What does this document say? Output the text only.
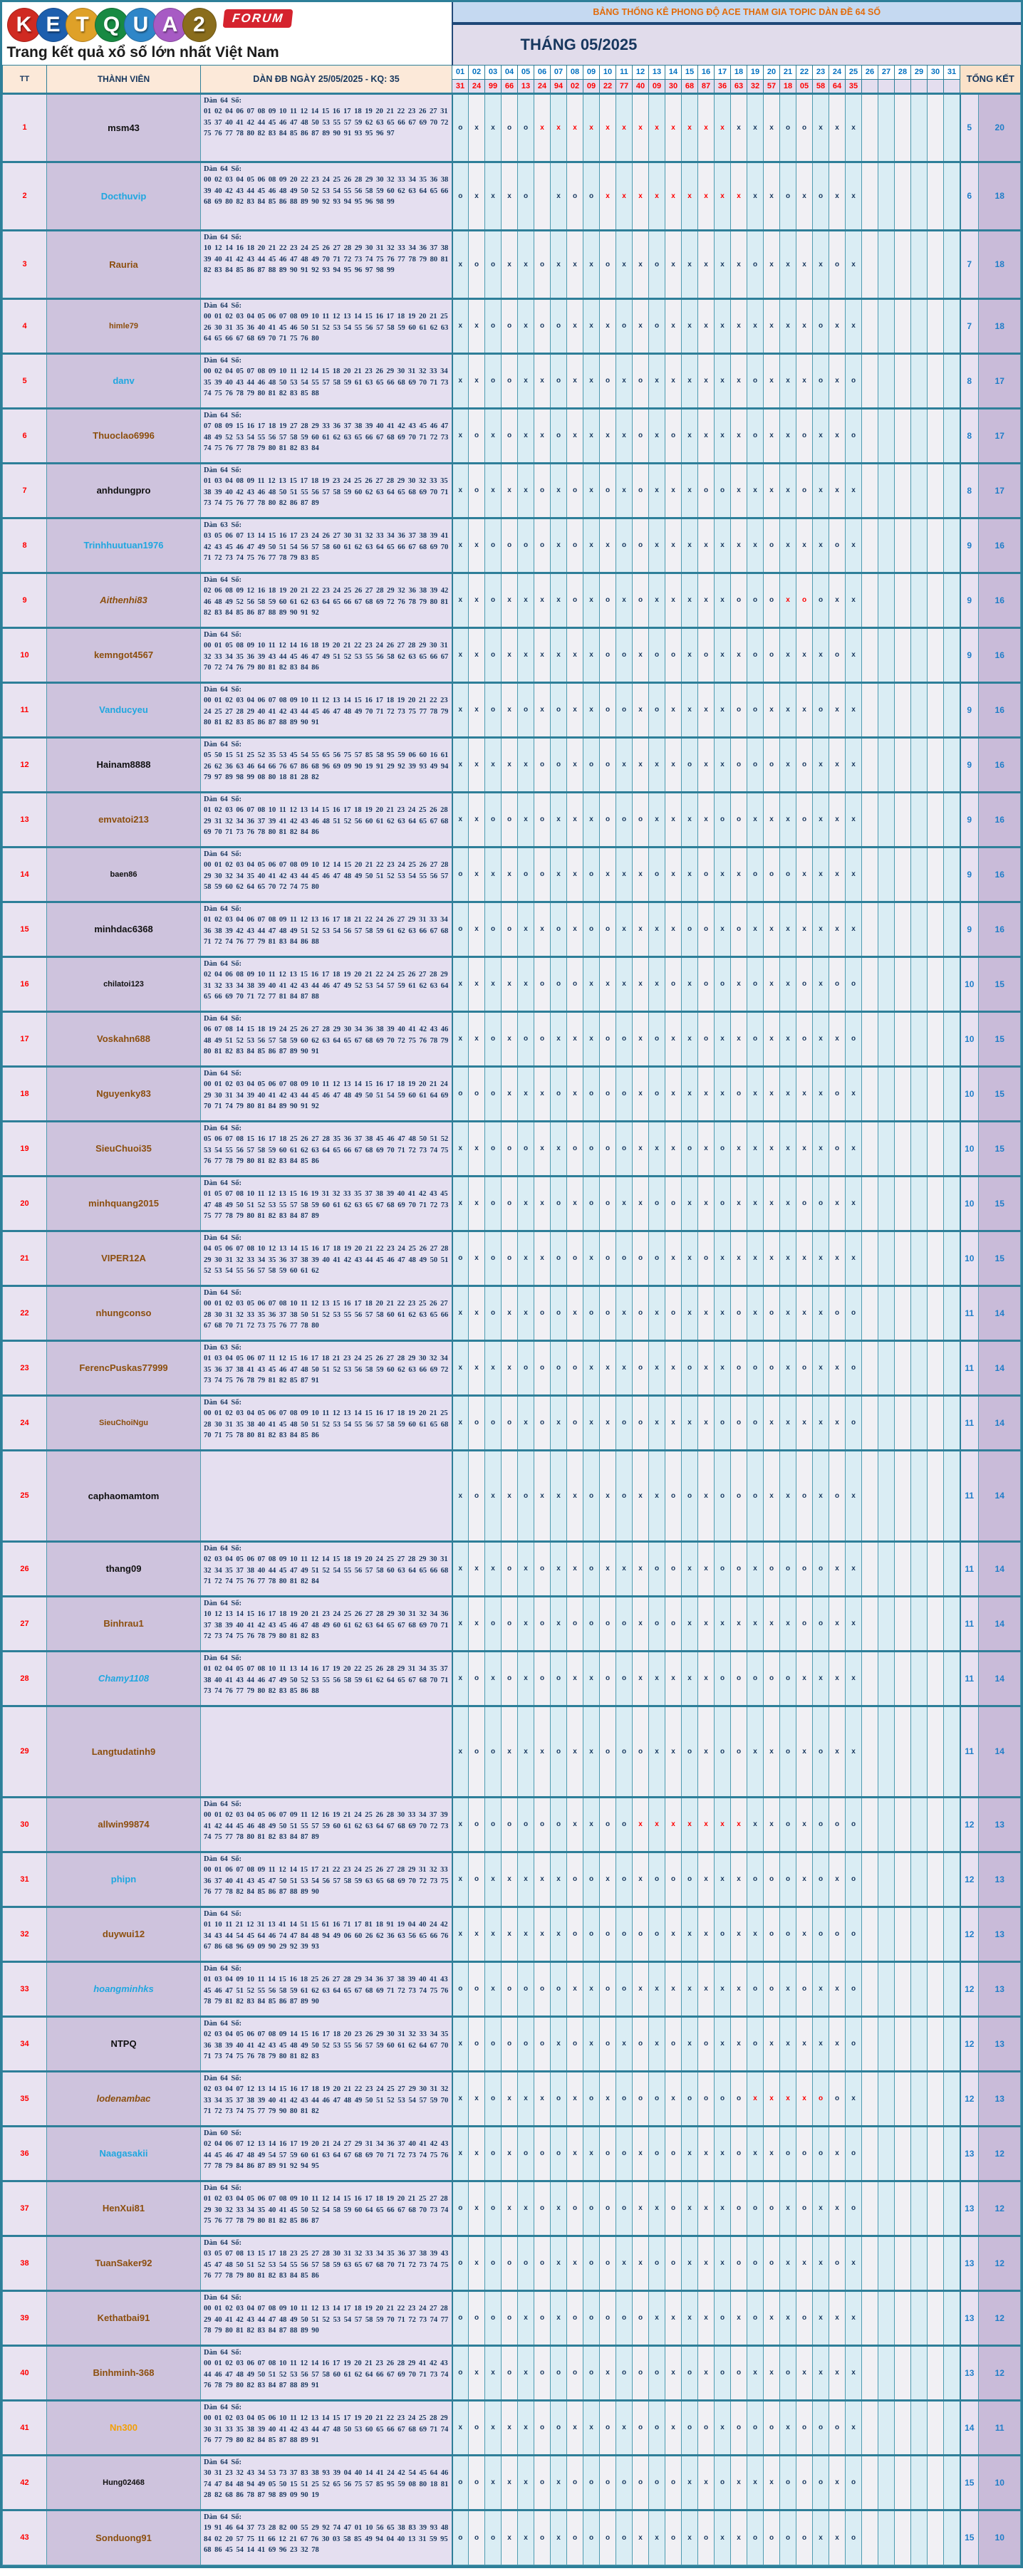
K E T Q U A 2	FORUM
Trang kết quả xổ số lớn nhất Việt Nam
	BẢNG THỐNG KÊ PHONG ĐỘ ACE THAM GIA TOPIC DÀN ĐỀ 64 SỐ
			THÁNG 05/2025																																
TT	THÀNH VIÊN	DÀN ĐB NGÀY 25/05/2025 - KQ: 35	01	02	03	04	05	06	07	08	09	10	11	12	13	14	15	16	17	18	19	20	21	22	23	24	25	26	27	28	29	30	31	TỔNG KẾT	
			31	24	99	66	13	24	94	02	09	22	77	40	09	30	68	87	36	63	32	57	18	05	58	64	35								
1	msm43	Dàn 64 Số:
01 02 04 06 07 08 09 10 11 12 14 15 16 17 18 19 20 21 22 23 26 27 31 35 37 40 41 42 44 45 46 47 48 50 53 55 57 59 62 63 65 66 67 69 70 72 75 76 77 78 80 82 83 84 85 86 87 89 90 91 93 95 96 97	o	x	x	o	o	x	x	x	x	x	x	x	x	x	x	x	x	x	x	x	o	o	x	x	x							5	20
2	Docthuvip	Dàn 64 Số:
00 02 03 04 05 06 08 09 20 22 23 24 25 26 28 29 30 32 33 34 35 36 38 39 40 42 43 44 45 46 48 49 50 52 53 54 55 56 58 59 60 62 63 64 65 66 68 69 80 82 83 84 85 86 88 89 90 92 93 94 95 96 98 99	o	x	x	x	o		x	o	o	x	x	x	x	x	x	x	x	x	x	x	o	x	o	x	x							6	18
3	Rauria	Dàn 64 Số:
10 12 14 16 18 20 21 22 23 24 25 26 27 28 29 30 31 32 33 34 36 37 38 39 40 41 42 43 44 45 46 47 48 49 70 71 72 73 74 75 76 77 78 79 80 81 82 83 84 85 86 87 88 89 90 91 92 93 94 95 96 97 98 99	x	o	o	x	x	o	x	x	x	o	x	x	o	x	x	x	x	x	o	x	x	x	x	o	x							7	18
4	himle79	Dàn 64 Số:
00 01 02 03 04 05 06 07 08 09 10 11 12 13 14 15 16 17 18 19 20 21 25 26 30 31 35 36 40 41 45 46 50 51 52 53 54 55 56 57 58 59 60 61 62 63 64 65 66 67 68 69 70 71 75 76 80	x	x	o	o	x	o	o	x	x	x	o	x	o	x	x	x	x	x	x	x	x	x	o	x	x							7	18
5	danv	Dàn 64 Số:
00 02 04 05 07 08 09 10 11 12 14 15 18 20 21 23 26 29 30 31 32 33 34 35 39 40 43 44 46 48 50 53 54 55 57 58 59 61 63 65 66 68 69 70 71 73 74 75 76 78 79 80 81 82 83 85 88	x	x	o	o	x	x	o	x	x	o	x	o	x	x	x	x	x	x	o	x	x	x	o	x	o							8	17
6	Thuoclao6996	Dàn 64 Số:
07 08 09 15 16 17 18 19 27 28 29 33 36 37 38 39 40 41 42 43 45 46 47 48 49 52 53 54 55 56 57 58 59 60 61 62 63 65 66 67 68 69 70 71 72 73 74 75 76 77 78 79 80 81 82 83 84	x	o	x	o	x	x	o	x	x	x	x	o	x	o	x	x	x	x	o	x	x	o	x	x	o							8	17
7	anhdungpro	Dàn 64 Số:
01 03 04 08 09 11 12 13 15 17 18 19 23 24 25 26 27 28 29 30 32 33 35 38 39 40 42 43 46 48 50 51 55 56 57 58 59 60 62 63 64 65 68 69 70 71 73 74 75 76 77 78 80 82 86 87 89	x	o	x	x	x	o	x	o	x	o	x	o	x	x	x	o	o	x	x	x	x	o	x	x	x							8	17
8	Trinhhuutuan1976	Dàn 63 Số:
03 05 06 07 13 14 15 16 17 23 24 26 27 30 31 32 33 34 36 37 38 39 41 42 43 45 46 47 49 50 51 54 56 57 58 60 61 62 63 64 65 66 67 68 69 70 71 72 73 74 75 76 77 78 79 83 85	x	x	o	o	o	o	x	o	x	x	o	o	x	x	x	x	x	x	x	o	x	x	x	o	x							9	16
9	Aithenhi83	Dàn 64 Số:
02 06 08 09 12 16 18 19 20 21 22 23 24 25 26 27 28 29 32 36 38 39 42 46 48 49 52 56 58 59 60 61 62 63 64 65 66 67 68 69 72 76 78 79 80 81 82 83 84 85 86 87 88 89 90 91 92	x	x	o	x	x	x	x	o	x	o	x	o	x	x	x	x	x	o	o	o	x	o	o	x	x							9	16
10	kemngot4567	Dàn 64 Số:
00 01 05 08 09 10 11 12 14 16 18 19 20 21 22 23 24 26 27 28 29 30 31 32 33 34 35 36 39 43 44 45 46 47 49 51 52 53 55 56 58 62 63 65 66 67 70 72 74 76 79 80 81 82 83 84 86	x	x	o	x	x	x	x	x	x	o	o	x	o	o	x	o	x	x	o	o	x	x	x	o	x							9	16
11	Vanducyeu	Dàn 64 Số:
00 01 02 03 04 06 07 08 09 10 11 12 13 14 15 16 17 18 19 20 21 22 23 24 25 27 28 29 40 41 42 43 44 45 46 47 48 49 70 71 72 73 75 77 78 79 80 81 82 83 85 86 87 88 89 90 91	x	x	o	x	o	x	o	x	x	o	o	x	o	x	x	x	x	o	o	x	x	x	o	x	x							9	16
12	Hainam8888	Dàn 64 Số:
05 50 15 51 25 52 35 53 45 54 55 65 56 75 57 85 58 95 59 06 60 16 61 26 62 36 63 46 64 66 76 67 86 68 96 69 09 90 19 91 29 92 39 93 49 94 79 97 89 98 99 08 80 18 81 28 82	x	x	x	x	x	o	o	x	o	o	x	x	x	x	o	x	x	o	o	o	x	o	x	x	x							9	16
13	emvatoi213	Dàn 64 Số:
01 02 03 06 07 08 10 11 12 13 14 15 16 17 18 19 20 21 23 24 25 26 28 29 31 32 34 36 37 39 41 42 43 46 48 51 52 56 60 61 62 63 64 65 67 68 69 70 71 73 76 78 80 81 82 84 86	x	x	o	o	x	o	x	x	x	o	o	o	x	x	x	x	o	o	x	x	x	o	x	x	x							9	16
14	baen86	Dàn 64 Số:
00 01 02 03 04 05 06 07 08 09 10 12 14 15 20 21 22 23 24 25 26 27 28 29 30 32 34 35 40 41 42 43 44 45 46 47 48 49 50 51 52 53 54 55 56 57 58 59 60 62 64 65 70 72 74 75 80	o	x	x	x	o	o	x	x	o	x	x	x	o	x	x	o	x	x	o	o	o	x	x	x	x							9	16
15	minhdac6368	Dàn 64 Số:
01 02 03 04 06 07 08 09 11 12 13 16 17 18 21 22 24 26 27 29 31 33 34 36 38 39 42 43 44 47 48 49 51 52 53 54 56 57 58 59 61 62 63 66 67 68 71 72 74 76 77 79 81 83 84 86 88	o	x	o	o	x	x	o	x	o	o	x	x	x	x	o	o	x	o	x	x	x	x	x	x	x							9	16
16	chilatoi123	Dàn 64 Số:
02 04 06 08 09 10 11 12 13 15 16 17 18 19 20 21 22 24 25 26 27 28 29 31 32 33 34 38 39 40 41 42 43 44 46 47 49 52 53 54 57 59 61 62 63 64 65 66 69 70 71 72 77 81 84 87 88	x	x	x	x	x	o	o	o	x	x	x	x	x	o	x	o	o	x	o	x	x	o	x	o	o							10	15
17	Voskahn688	Dàn 64 Số:
06 07 08 14 15 18 19 24 25 26 27 28 29 30 34 36 38 39 40 41 42 43 46 48 49 51 52 53 56 57 58 59 60 62 63 64 65 67 68 69 70 72 75 76 78 79 80 81 82 83 84 85 86 87 89 90 91	x	x	o	x	o	o	x	x	x	o	o	x	o	x	x	o	x	x	o	x	x	o	x	x	o							10	15
18	Nguyenky83	Dàn 64 Số:
00 01 02 03 04 05 06 07 08 09 10 11 12 13 14 15 16 17 18 19 20 21 24 29 30 31 34 39 40 41 42 43 44 45 46 47 48 49 50 51 54 59 60 61 64 69 70 71 74 79 80 81 84 89 90 91 92	o	o	o	x	x	x	o	x	o	o	o	x	o	x	x	x	x	o	x	x	x	x	x	o	x							10	15
19	SieuChuoi35	Dàn 64 Số:
05 06 07 08 15 16 17 18 25 26 27 28 35 36 37 38 45 46 47 48 50 51 52 53 54 55 56 57 58 59 60 61 62 63 64 65 66 67 68 69 70 71 72 73 74 75 76 77 78 79 80 81 82 83 84 85 86	x	x	o	o	o	x	x	o	o	o	o	x	x	x	o	x	o	x	x	x	x	x	x	o	x							10	15
20	minhquang2015	Dàn 64 Số:
01 05 07 08 10 11 12 13 15 16 19 31 32 33 35 37 38 39 40 41 42 43 45 47 48 49 50 51 52 53 55 57 58 59 60 61 62 63 65 67 68 69 70 71 72 73 75 77 78 79 80 81 82 83 84 87 89	x	x	o	o	x	x	o	x	o	o	x	x	o	o	x	x	o	x	x	x	x	o	o	x	x							10	15
21	VIPER12A	Dàn 64 Số:
04 05 06 07 08 10 12 13 14 15 16 17 18 19 20 21 22 23 24 25 26 27 28 29 30 31 32 33 34 35 36 37 38 39 40 41 42 43 44 45 46 47 48 49 50 51 52 53 54 55 56 57 58 59 60 61 62	o	x	o	o	x	x	o	o	x	o	o	o	o	x	x	o	x	x	x	x	x	x	x	x	x							10	15
22	nhungconso	Dàn 64 Số:
00 01 02 03 05 06 07 08 10 11 12 13 15 16 17 18 20 21 22 23 25 26 27 28 30 31 32 33 35 36 37 38 50 51 52 53 55 56 57 58 60 61 62 63 65 66 67 68 70 71 72 73 75 76 77 78 80	x	x	o	x	x	o	o	x	o	o	x	o	x	o	x	x	x	o	x	o	x	x	x	o	o							11	14
23	FerencPuskas77999	Dàn 63 Số:
01 03 04 05 06 07 11 12 15 16 17 18 21 23 24 25 26 27 28 29 30 32 34 35 36 37 38 41 43 45 46 47 48 50 51 52 53 56 58 59 60 62 63 66 69 72 73 74 75 76 78 79 81 82 85 87 91	x	x	x	x	o	o	o	o	x	x	x	o	x	x	o	x	x	o	o	o	x	o	x	x	o							11	14
24	SieuChoiNgu	Dàn 64 Số:
00 01 02 03 04 05 06 07 08 09 10 11 12 13 14 15 16 17 18 19 20 21 25 28 30 31 35 38 40 41 45 48 50 51 52 53 54 55 56 57 58 59 60 61 65 68 70 71 75 78 80 81 82 83 84 85 86	x	o	o	o	x	o	x	o	x	x	o	o	x	x	x	x	o	o	o	x	x	x	x	x	o							11	14
25	caphaomamtom		x	o	x	x	o	x	x	x	o	x	o	x	x	o	o	x	o	o	o	x	x	o	x	o	x							11	14
26	thang09	Dàn 64 Số:
02 03 04 05 06 07 08 09 10 11 12 14 15 18 19 20 24 25 27 28 29 30 31 32 34 35 37 38 40 44 45 47 49 51 52 54 55 56 57 58 60 63 64 65 66 68 71 72 74 75 76 77 78 80 81 82 84	x	x	x	o	x	o	x	x	o	x	x	x	o	o	x	x	o	o	x	o	o	o	o	x	x							11	14
27	Binhrau1	Dàn 64 Số:
10 12 13 14 15 16 17 18 19 20 21 23 24 25 26 27 28 29 30 31 32 34 36 37 38 39 40 41 42 43 45 46 47 48 49 60 61 62 63 64 65 67 68 69 70 71 72 73 74 75 76 78 79 80 81 82 83	x	x	o	o	x	o	x	o	o	o	o	x	o	o	x	x	x	x	x	x	x	o	o	x	x							11	14
28	Chamy1108	Dàn 64 Số:
01 02 04 05 07 08 10 11 13 14 16 17 19 20 22 25 26 28 29 31 34 35 37 38 40 41 43 44 46 47 49 50 52 53 55 56 58 59 61 62 64 65 67 68 70 71 73 74 76 77 79 80 82 83 85 86 88	x	o	x	o	x	o	o	x	x	o	o	x	x	x	x	x	o	o	o	o	o	x	x	x	x							11	14
29	Langtudatinh9		x	o	o	x	x	x	o	x	x	o	o	o	x	x	o	x	o	o	x	x	o	x	o	x	x							11	14
30	allwin99874	Dàn 64 Số:
00 01 02 03 04 05 06 07 09 11 12 16 19 21 24 25 26 28 30 33 34 37 39 41 42 44 45 46 48 49 50 51 55 57 59 60 61 62 63 64 67 68 69 70 72 73 74 75 77 78 80 81 82 83 84 87 89	x	o	o	o	o	o	o	x	x	o	o	x	x	x	x	x	x	x	x	x	o	x	o	o	o							12	13
31	phipn	Dàn 64 Số:
00 01 06 07 08 09 11 12 14 15 17 21 22 23 24 25 26 27 28 29 31 32 33 36 37 40 41 43 45 47 50 51 53 54 56 57 58 59 63 65 68 69 70 72 73 75 76 77 78 82 84 85 86 87 88 89 90	x	o	x	x	x	x	x	o	o	x	o	x	o	o	o	x	x	x	o	o	o	x	o	x	o							12	13
32	duywui12	Dàn 64 Số:
01 10 11 21 12 31 13 41 14 51 15 61 16 71 17 81 18 91 19 04 40 24 42 34 43 44 54 45 64 46 74 47 84 48 94 49 06 60 26 62 36 63 56 65 66 76 67 86 68 96 69 09 90 29 92 39 93	x	x	x	x	x	x	x	o	o	o	o	o	o	x	x	x	o	x	x	o	o	x	o	o	o							12	13
33	hoangminhks	Dàn 64 Số:
01 03 04 09 10 11 14 15 16 18 25 26 27 28 29 34 36 37 38 39 40 41 43 45 46 47 51 52 55 56 58 59 61 62 63 64 65 67 68 69 71 72 73 74 75 76 78 79 81 82 83 84 85 86 87 89 90	o	o	x	o	o	o	o	x	x	o	o	x	x	x	x	x	x	x	o	o	x	o	x	x	o							12	13
34	NTPQ	Dàn 64 Số:
02 03 04 05 06 07 08 09 14 15 16 17 18 20 23 26 29 30 31 32 33 34 35 36 38 39 40 41 42 43 45 48 49 50 52 53 55 56 57 59 60 61 62 64 67 70 71 73 74 75 76 78 79 80 81 82 83	x	o	o	o	o	o	x	o	x	o	x	o	x	o	x	o	x	x	o	x	x	x	x	x	o							12	13
35	lodenambac	Dàn 64 Số:
02 03 04 07 12 13 14 15 16 17 18 19 20 21 22 23 24 25 27 29 30 31 32 33 34 35 37 38 39 40 41 42 43 44 46 47 48 49 50 51 52 53 54 57 59 70 71 72 73 74 75 77 79 90 80 81 82	x	x	o	x	x	x	o	x	o	x	o	o	o	x	o	o	o	o	x	x	x	x	o	o	x							12	13
36	Naagasakii	Dàn 60 Số:
02 04 06 07 12 13 14 16 17 19 20 21 24 27 29 31 34 36 37 40 41 42 43 44 45 46 47 48 49 54 57 59 60 61 63 64 67 68 69 70 71 72 73 74 75 76 77 78 79 84 86 87 89 91 92 94 95	x	x	o	x	o	o	o	x	x	o	o	x	o	o	x	x	x	o	x	x	o	o	o	x	o							13	12
37	HenXui81	Dàn 64 Số:
01 02 03 04 05 06 07 08 09 10 11 12 14 15 16 17 18 19 20 21 25 27 28 29 30 32 33 34 35 40 41 45 50 52 54 58 59 60 64 65 66 67 68 70 73 74 75 76 77 78 79 80 81 82 85 86 87	o	x	o	x	x	o	x	o	o	o	o	x	x	o	x	x	x	o	o	o	x	o	x	x	o							13	12
38	TuanSaker92	Dàn 64 Số:
03 05 07 08 13 15 17 18 23 25 27 28 30 31 32 33 34 35 36 37 38 39 43 45 47 48 50 51 52 53 54 55 56 57 58 59 63 65 67 68 70 71 72 73 74 75 76 77 78 79 80 81 82 83 84 85 86	o	x	o	o	o	o	x	x	o	o	x	x	o	o	x	x	x	o	o	o	x	x	x	o	x							13	12
39	Kethatbai91	Dàn 64 Số:
00 01 02 03 04 07 08 09 10 11 12 13 14 17 18 19 20 21 22 23 24 27 28 29 40 41 42 43 44 47 48 49 50 51 52 53 54 57 58 59 70 71 72 73 74 77 78 79 80 81 82 83 84 87 88 89 90	o	o	o	o	x	o	x	o	o	o	o	o	x	x	x	x	o	x	o	x	x	o	x	x	x							13	12
40	Binhminh-368	Dàn 64 Số:
00 01 02 03 06 07 08 10 11 12 14 16 17 19 20 21 23 26 28 29 41 42 43 44 46 47 48 49 50 51 52 53 56 57 58 60 61 62 64 66 67 69 70 71 73 74 76 78 79 80 82 83 84 87 88 89 91	o	x	x	o	x	o	o	o	o	x	o	o	o	x	o	x	o	o	x	x	o	x	x	x	x							13	12
41	Nn300	Dàn 64 Số:
00 01 02 03 04 05 06 10 11 12 13 14 15 17 19 20 21 22 23 24 25 28 29 30 31 33 35 38 39 40 41 42 43 44 47 48 50 53 60 65 66 67 68 69 71 74 76 77 79 80 82 84 85 87 88 89 91	x	o	x	x	x	o	o	x	x	o	x	o	o	x	o	o	x	o	o	o	x	o	o	o	x							14	11
42	Hung02468	Dàn 64 Số:
30 31 23 32 43 34 53 73 37 83 38 93 39 04 40 14 41 24 42 54 45 64 46 74 47 84 48 94 49 05 50 15 51 25 52 65 56 75 57 85 95 59 08 80 18 81 28 82 68 86 78 87 98 89 09 90 19	o	o	x	x	x	o	x	o	o	o	o	o	o	o	x	x	o	x	x	x	o	o	o	x	o							15	10
43	Sonduong91	Dàn 64 Số:
19 91 46 64 37 73 28 82 00 55 29 92 74 47 01 10 56 65 38 83 39 93 48 84 02 20 57 75 11 66 12 21 67 76 30 03 58 85 49 94 04 40 13 31 59 95 68 86 45 54 14 41 69 96 23 32 78	o	o	o	x	x	o	x	o	o	o	o	x	x	o	x	o	x	x	o	o	o	o	x	x	o							15	10
